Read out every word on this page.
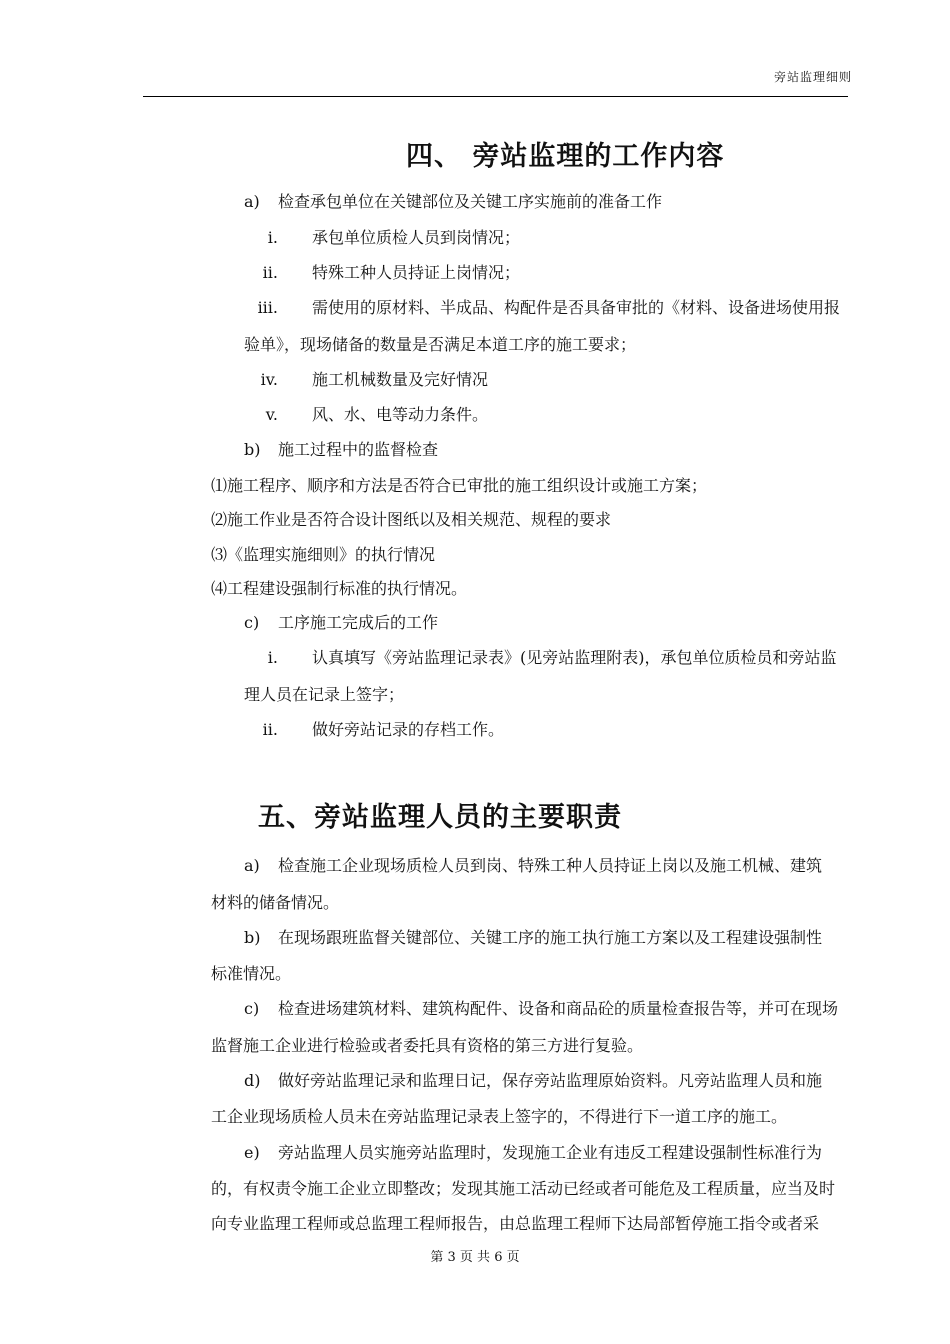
旁站监理细则
四、 旁站监理的工作内容
a) 检查承包单位在关键部位及关键工序实施前的准备工作
i. 承包单位质检人员到岗情况；
ii. 特殊工种人员持证上岗情况；
iii. 需使用的原材料、半成品、构配件是否具备审批的《材料、设备进场使用报
验单》，现场储备的数量是否满足本道工序的施工要求；
iv. 施工机械数量及完好情况
v. 风、水、电等动力条件。
b) 施工过程中的监督检查
⑴施工程序、顺序和方法是否符合已审批的施工组织设计或施工方案；
⑵施工作业是否符合设计图纸以及相关规范、规程的要求
⑶《监理实施细则》的执行情况
⑷工程建设强制行标准的执行情况。
c) 工序施工完成后的工作
i. 认真填写《旁站监理记录表》(见旁站监理附表)，承包单位质检员和旁站监
理人员在记录上签字；
ii. 做好旁站记录的存档工作。
五、旁站监理人员的主要职责
a) 检查施工企业现场质检人员到岗、特殊工种人员持证上岗以及施工机械、建筑
材料的储备情况。
b) 在现场跟班监督关键部位、关键工序的施工执行施工方案以及工程建设强制性
标准情况。
c) 检查进场建筑材料、建筑构配件、设备和商品砼的质量检查报告等，并可在现场
监督施工企业进行检验或者委托具有资格的第三方进行复验。
d) 做好旁站监理记录和监理日记，保存旁站监理原始资料。凡旁站监理人员和施
工企业现场质检人员未在旁站监理记录表上签字的，不得进行下一道工序的施工。
e) 旁站监理人员实施旁站监理时，发现施工企业有违反工程建设强制性标准行为
的，有权责令施工企业立即整改；发现其施工活动已经或者可能危及工程质量，应当及时
向专业监理工程师或总监理工程师报告，由总监理工程师下达局部暂停施工指令或者采
第 3 页 共 6 页
